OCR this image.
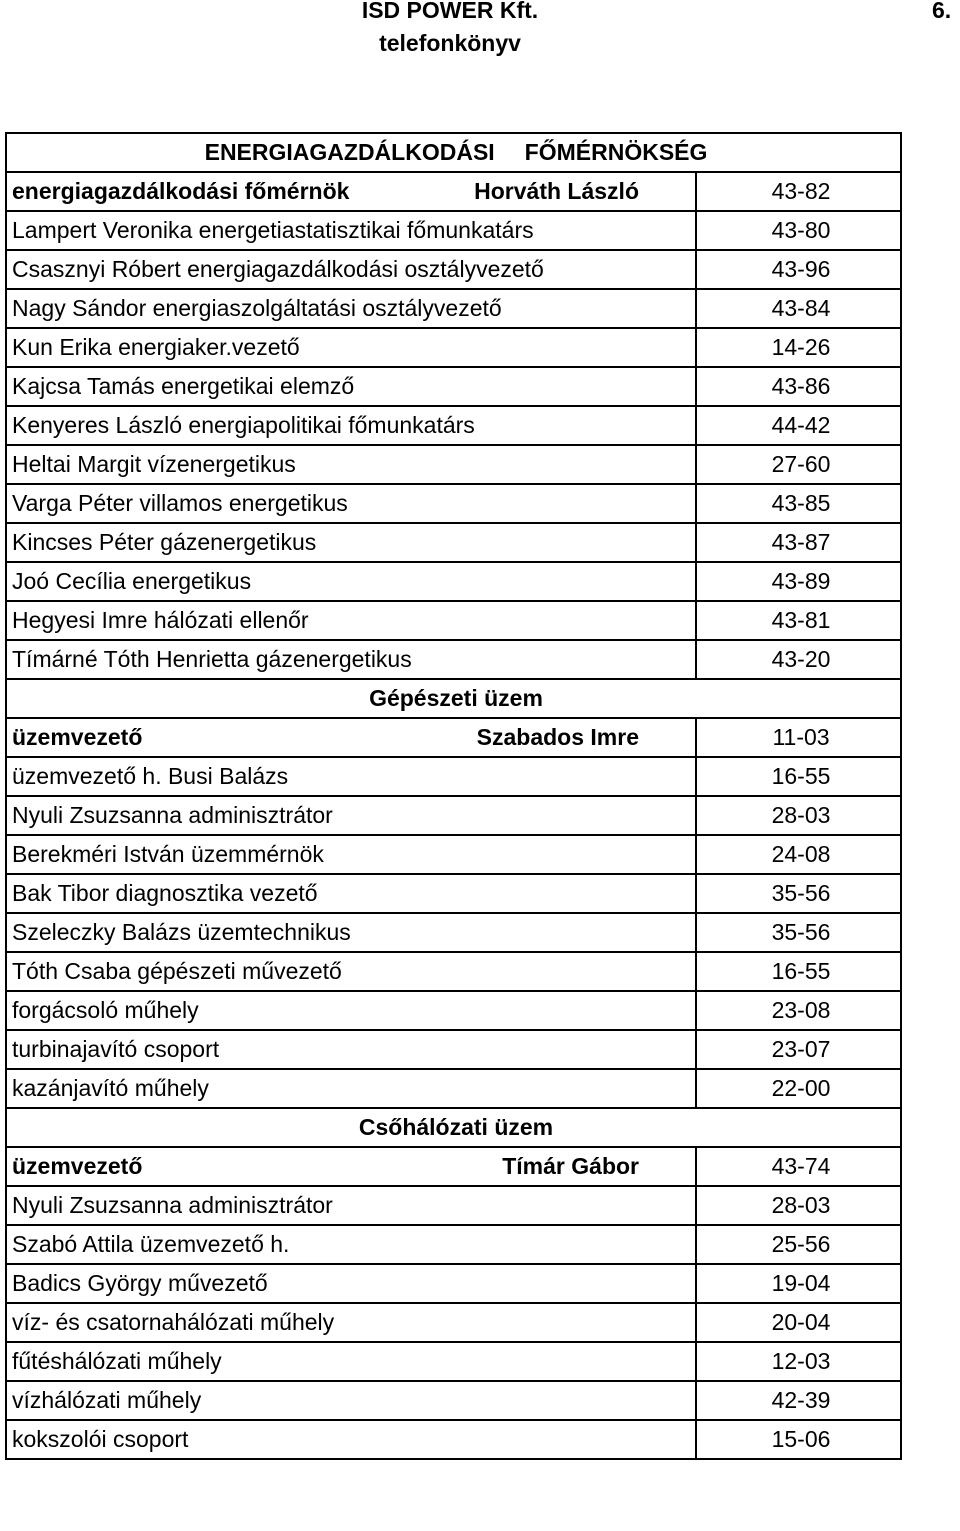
ISD POWER Kft.
telefonkönyv
6.
ENERGIAGAZDÁLKODÁSI FŐMÉRNÖKSÉG	

energiagazdálkodási főmérnök Horváth László	43-82
Lampert Veronika energetiastatisztikai főmunkatárs	43-80
Csasznyi Róbert energiagazdálkodási osztályvezető	43-96
Nagy Sándor energiaszolgáltatási osztályvezető	43-84
Kun Erika energiaker.vezető	14-26
Kajcsa Tamás energetikai elemző	43-86
Kenyeres László energiapolitikai főmunkatárs	44-42
Heltai Margit vízenergetikus	27-60
Varga Péter villamos energetikus	43-85
Kincses Péter gázenergetikus	43-87
Joó Cecília energetikus	43-89
Hegyesi Imre hálózati ellenőr	43-81
Tímárné Tóth Henrietta gázenergetikus	43-20
Gépészeti üzem	

üzemvezető Szabados Imre	11-03
üzemvezető h. Busi Balázs	16-55
Nyuli Zsuzsanna adminisztrátor	28-03
Berekméri István üzemmérnök	24-08
Bak Tibor diagnosztika vezető	35-56
Szeleczky Balázs üzemtechnikus	35-56
Tóth Csaba gépészeti művezető	16-55
forgácsoló műhely	23-08
turbinajavító csoport	23-07
kazánjavító műhely	22-00
Csőhálózati üzem	

üzemvezető Tímár Gábor	43-74
Nyuli Zsuzsanna adminisztrátor	28-03
Szabó Attila üzemvezető h.	25-56
Badics György művezető	19-04
víz- és csatornahálózati műhely	20-04
fűtéshálózati műhely	12-03
vízhálózati műhely	42-39
kokszolói csoport	15-06
